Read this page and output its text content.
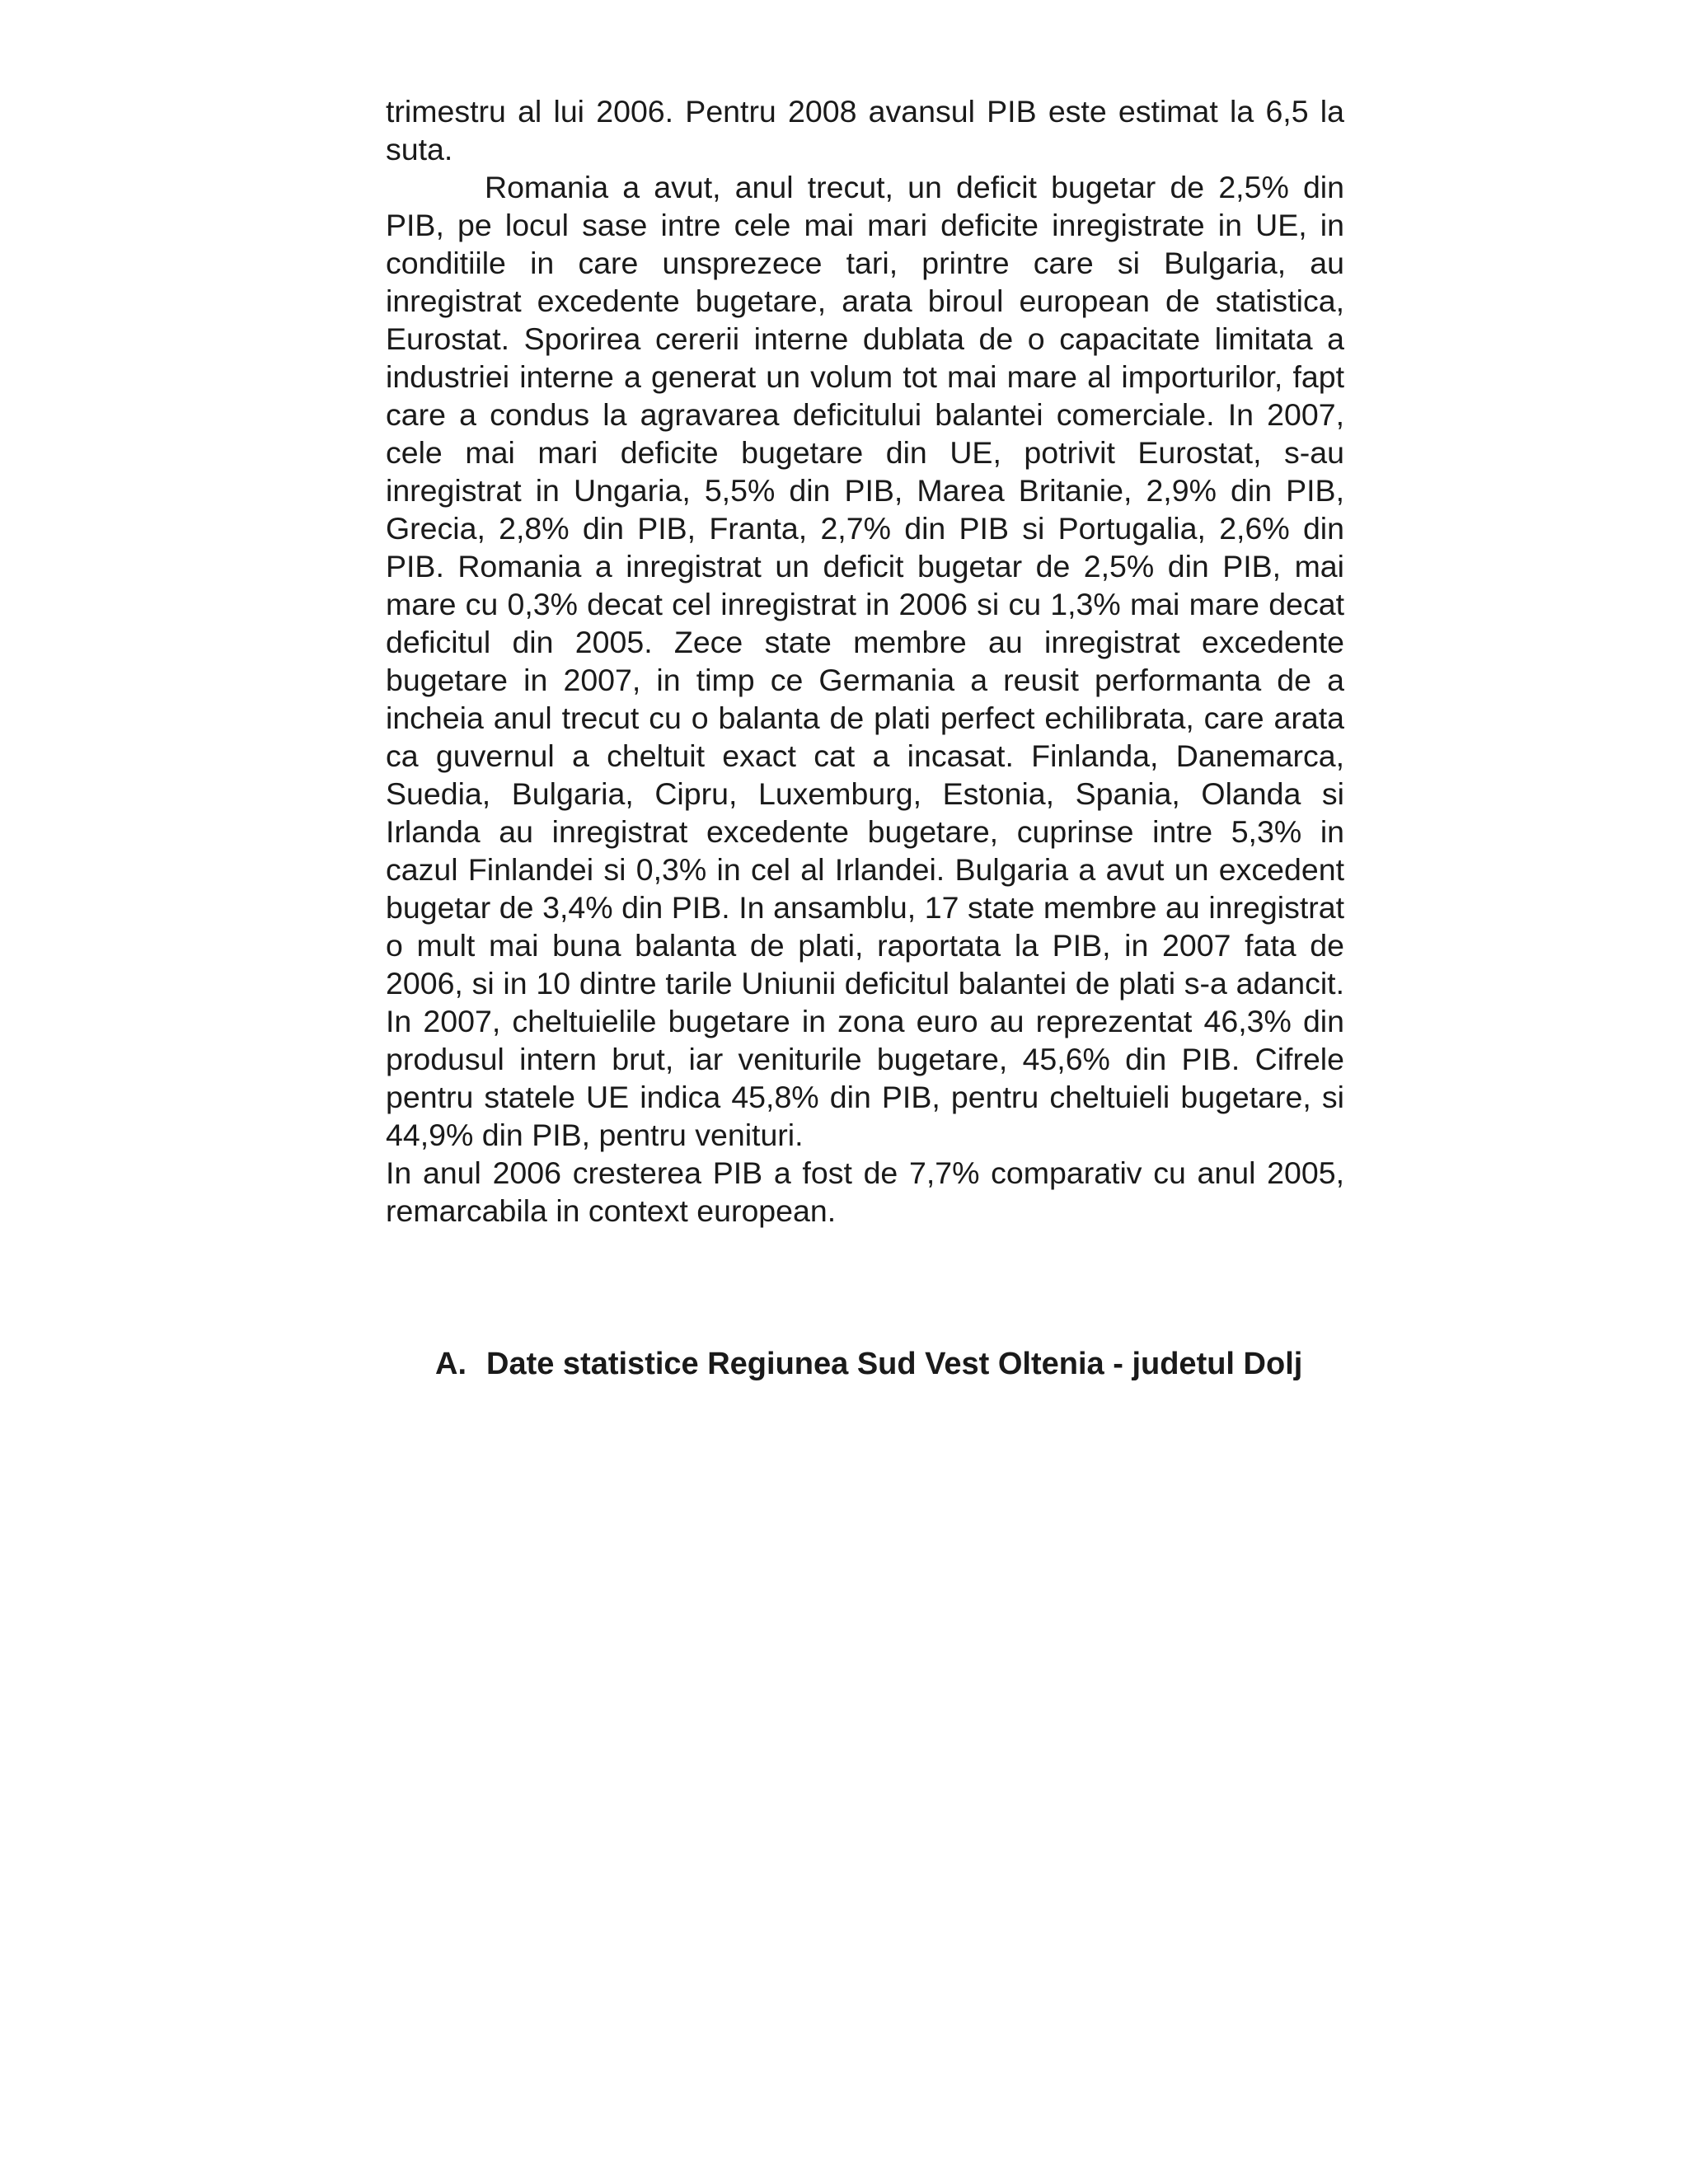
trimestru al lui 2006. Pentru 2008 avansul PIB este estimat la 6,5 la suta.

Romania a avut, anul trecut, un deficit bugetar de 2,5% din PIB, pe locul sase intre cele mai mari deficite inregistrate in UE, in conditiile in care unsprezece tari, printre care si Bulgaria, au inregistrat excedente bugetare, arata biroul european de statistica, Eurostat. Sporirea cererii interne dublata de o capacitate limitata a industriei interne a generat un volum tot mai mare al importurilor, fapt care a condus la agravarea deficitului balantei comerciale. In 2007, cele mai mari deficite bugetare din UE, potrivit Eurostat, s-au inregistrat in Ungaria, 5,5% din PIB, Marea Britanie, 2,9% din PIB, Grecia, 2,8% din PIB, Franta, 2,7% din PIB si Portugalia, 2,6% din PIB. Romania a inregistrat un deficit bugetar de 2,5% din PIB, mai mare cu 0,3% decat cel inregistrat in 2006 si cu 1,3% mai mare decat deficitul din 2005. Zece state membre au inregistrat excedente bugetare in 2007, in timp ce Germania a reusit performanta de a incheia anul trecut cu o balanta de plati perfect echilibrata, care arata ca guvernul a cheltuit exact cat a incasat. Finlanda, Danemarca, Suedia, Bulgaria, Cipru, Luxemburg, Estonia, Spania, Olanda si Irlanda au inregistrat excedente bugetare, cuprinse intre 5,3% in cazul Finlandei si 0,3% in cel al Irlandei. Bulgaria a avut un excedent bugetar de 3,4% din PIB. In ansamblu, 17 state membre au inregistrat o mult mai buna balanta de plati, raportata la PIB, in 2007 fata de 2006, si in 10 dintre tarile Uniunii deficitul balantei de plati s-a adancit. In 2007, cheltuielile bugetare in zona euro au reprezentat 46,3% din produsul intern brut, iar veniturile bugetare, 45,6% din PIB. Cifrele pentru statele UE indica 45,8% din PIB, pentru cheltuieli bugetare, si 44,9% din PIB, pentru venituri.

In anul 2006 cresterea PIB a fost de 7,7% comparativ cu anul 2005, remarcabila in context european.

A. Date statistice Regiunea Sud Vest Oltenia - judetul Dolj
